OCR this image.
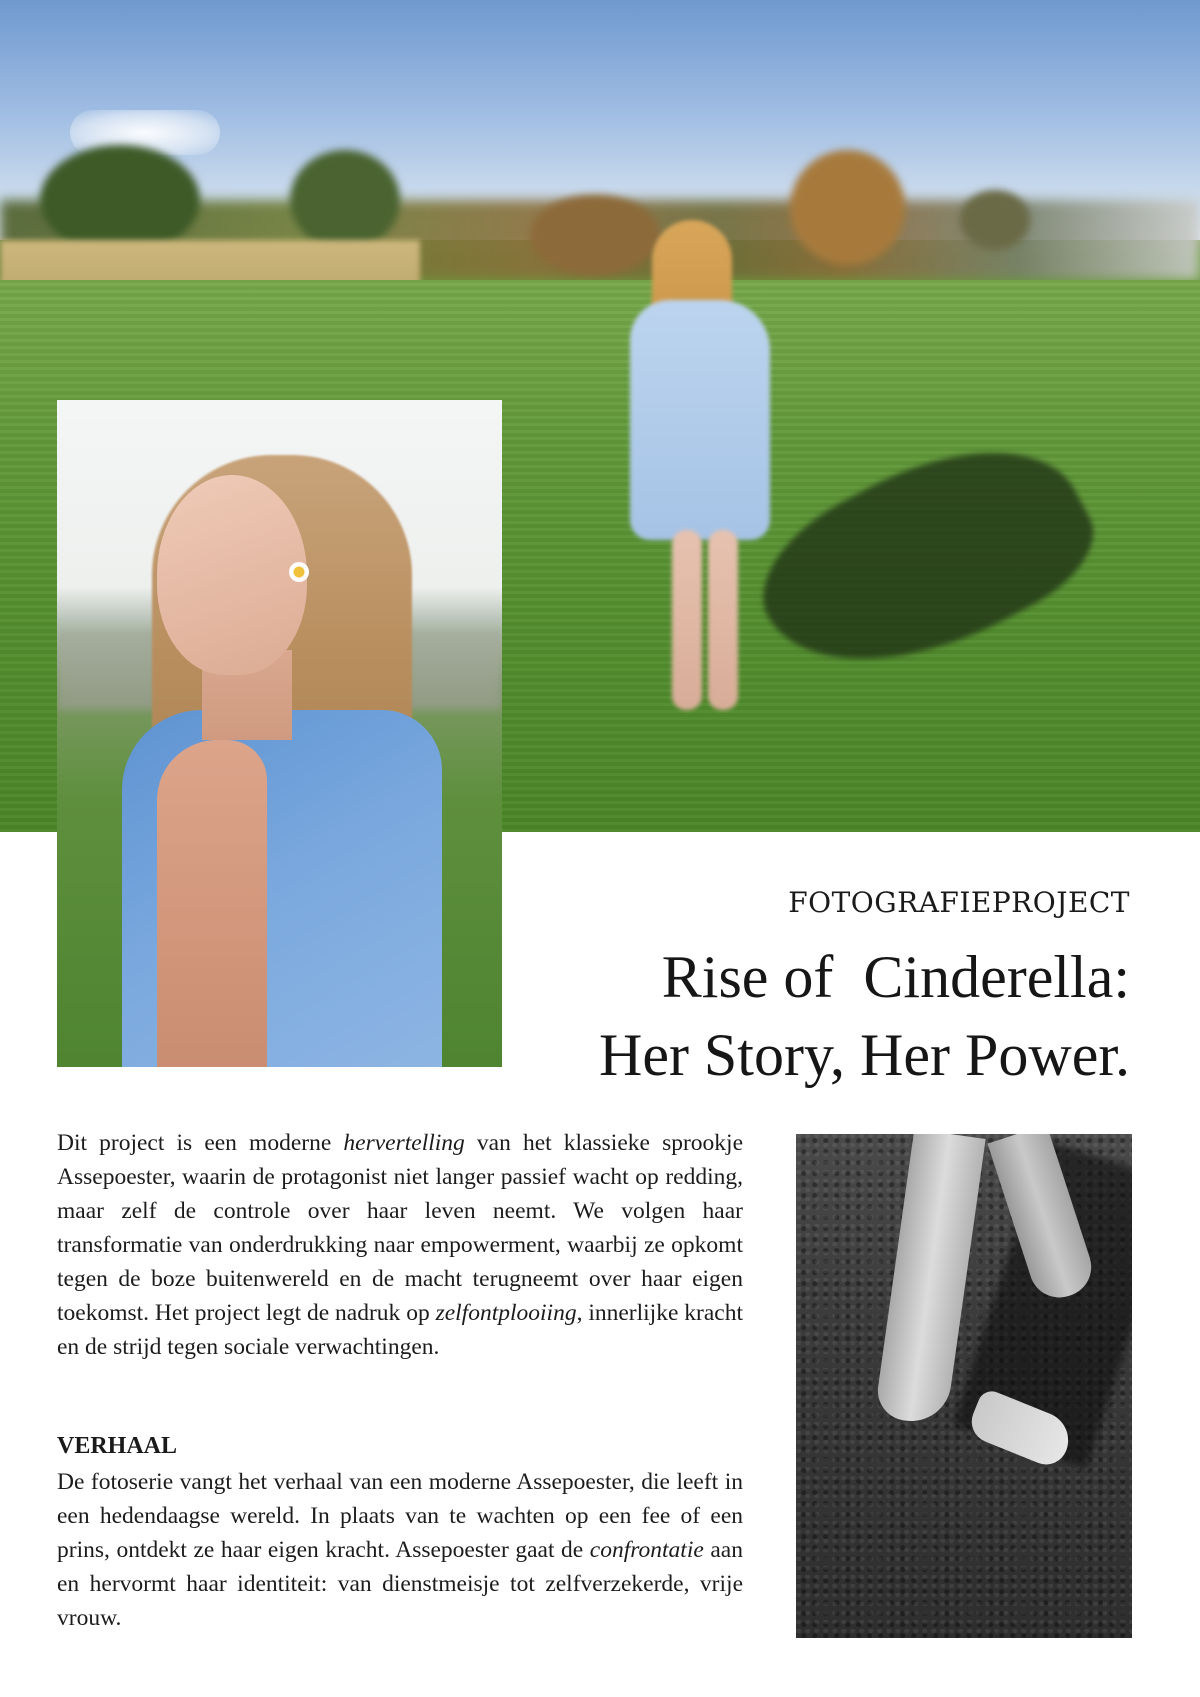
FOTOGRAFIEPROJECT
Rise of  Cinderella:
Her Story, Her Power.
Dit project is een moderne hervertelling van het klassieke sprookje Assepoester, waarin de protagonist niet langer passief wacht op redding, maar zelf de controle over haar leven neemt. We volgen haar transformatie van onderdrukking naar empowerment, waarbij ze opkomt tegen de boze buitenwereld en de macht terugneemt over haar eigen toekomst. Het project legt de nadruk op zelfontplooiing, innerlijke kracht en de strijd tegen sociale verwachtingen.
VERHAAL
De fotoserie vangt het verhaal van een moderne Assepoester, die leeft in een hedendaagse wereld. In plaats van te wachten op een fee of een prins, ontdekt ze haar eigen kracht. Assepoester gaat de confrontatie aan en hervormt haar identiteit: van dienstmeisje tot zelfverzekerde, vrije vrouw.
